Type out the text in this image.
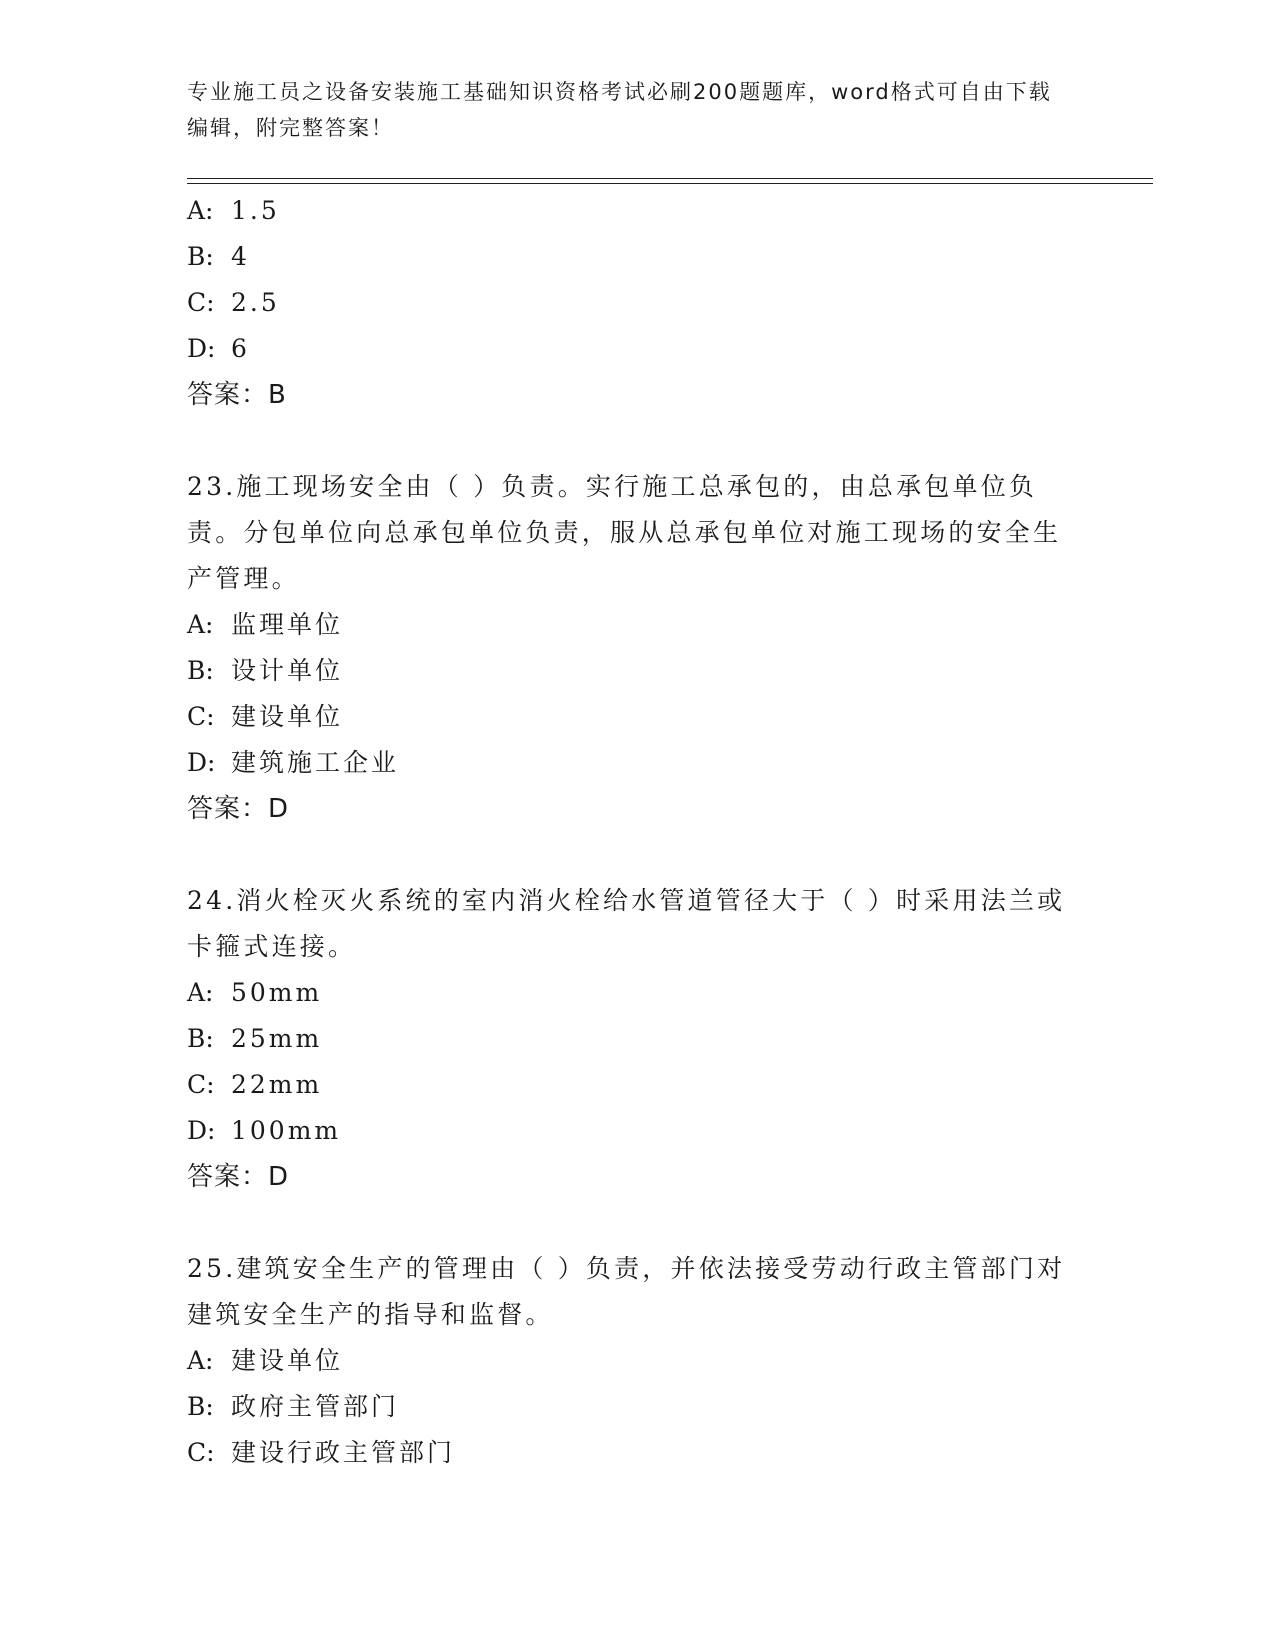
专业施工员之设备安装施工基础知识资格考试必刷200题题库，word格式可自由下载编辑，附完整答案！
A: 1.5
B: 4
C: 2.5
D: 6
答案：B
23.施工现场安全由（ ）负责。实行施工总承包的，由总承包单位负责。分包单位向总承包单位负责，服从总承包单位对施工现场的安全生产管理。
A: 监理单位
B: 设计单位
C: 建设单位
D: 建筑施工企业
答案：D
24.消火栓灭火系统的室内消火栓给水管道管径大于（ ）时采用法兰或卡箍式连接。
A: 50mm
B: 25mm
C: 22mm
D: 100mm
答案：D
25.建筑安全生产的管理由（ ）负责，并依法接受劳动行政主管部门对建筑安全生产的指导和监督。
A: 建设单位
B: 政府主管部门
C: 建设行政主管部门
